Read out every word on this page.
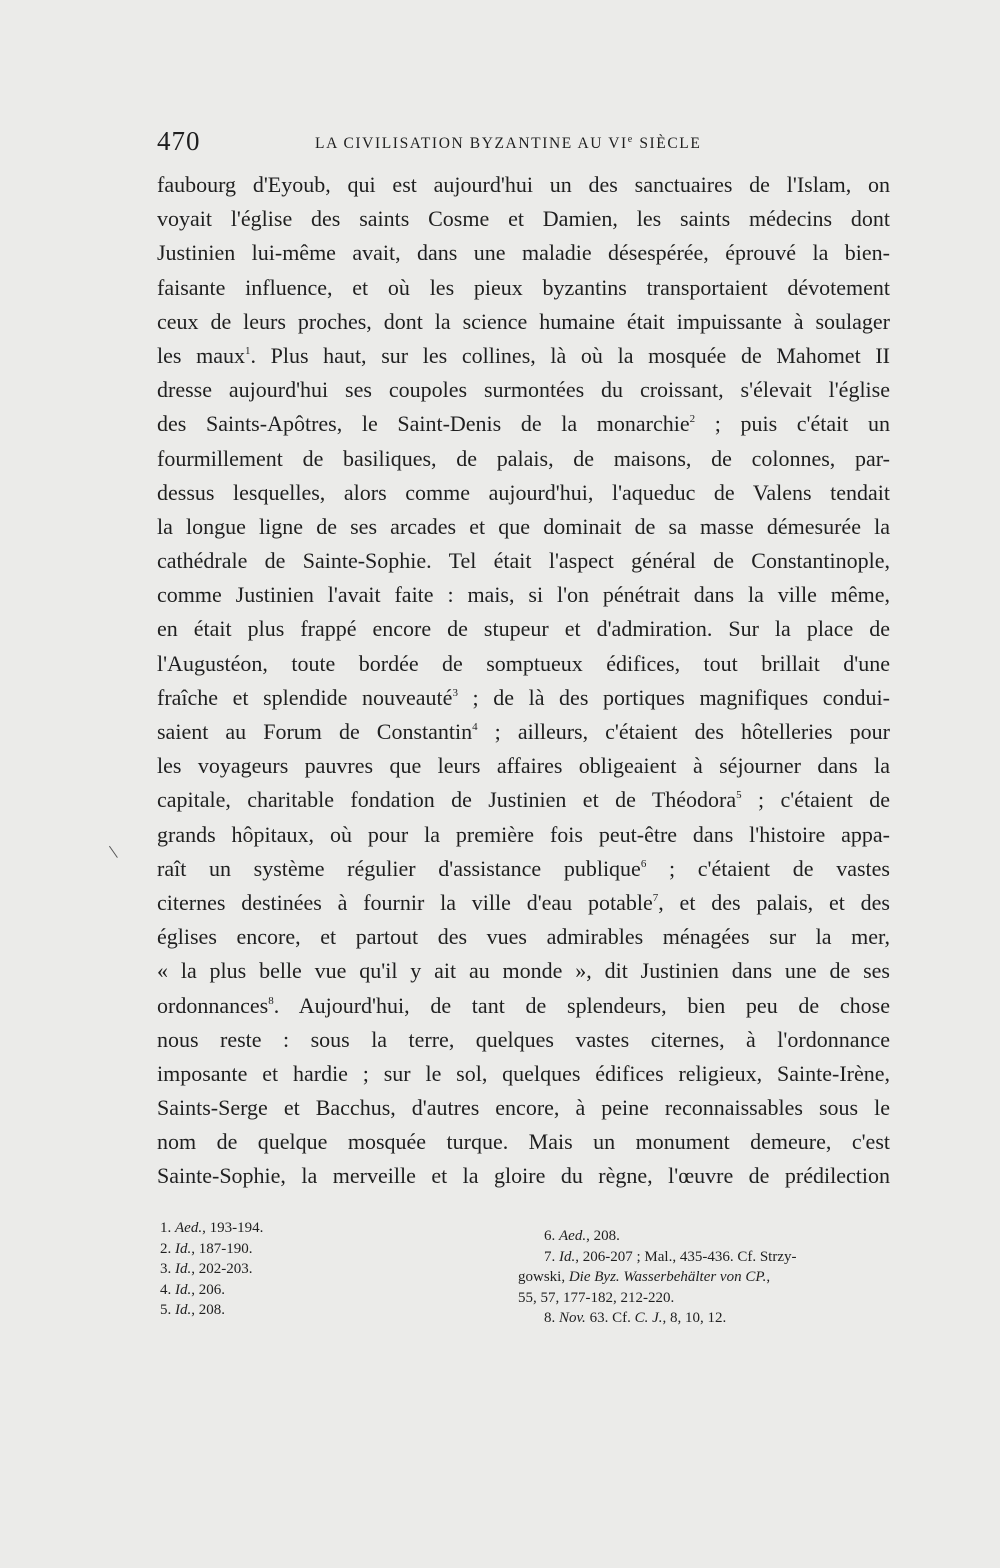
470	LA CIVILISATION BYZANTINE AU VIe SIÈCLE
faubourg d'Eyoub, qui est aujourd'hui un des sanctuaires de l'Islam, on
voyait l'église des saints Cosme et Damien, les saints médecins dont
Justinien lui-même avait, dans une maladie désespérée, éprouvé la bien-
faisante influence, et où les pieux byzantins transportaient dévotement
ceux de leurs proches, dont la science humaine était impuissante à soulager
les maux$^1$. Plus haut, sur les collines, là où la mosquée de Mahomet II
dresse aujourd'hui ses coupoles surmontées du croissant, s'élevait l'église
des Saints-Apôtres, le Saint-Denis de la monarchie$^2$ ; puis c'était un
fourmillement de basiliques, de palais, de maisons, de colonnes, par-
dessus lesquelles, alors comme aujourd'hui, l'aqueduc de Valens tendait
la longue ligne de ses arcades et que dominait de sa masse démesurée la
cathédrale de Sainte-Sophie. Tel était l'aspect général de Constantinople,
comme Justinien l'avait faite : mais, si l'on pénétrait dans la ville même,
en était plus frappé encore de stupeur et d'admiration. Sur la place de
l'Augustéon, toute bordée de somptueux édifices, tout brillait d'une
fraîche et splendide nouveauté$^3$ ; de là des portiques magnifiques condui-
saient au Forum de Constantin$^4$ ; ailleurs, c'étaient des hôtelleries pour
les voyageurs pauvres que leurs affaires obligeaient à séjourner dans la
capitale, charitable fondation de Justinien et de Théodora$^5$ ; c'étaient de
grands hôpitaux, où pour la première fois peut-être dans l'histoire appa-
raît un système régulier d'assistance publique$^6$ ; c'étaient de vastes
citernes destinées à fournir la ville d'eau potable$^7$, et des palais, et des
églises encore, et partout des vues admirables ménagées sur la mer,
« la plus belle vue qu'il y ait au monde », dit Justinien dans une de ses
ordonnances$^8$. Aujourd'hui, de tant de splendeurs, bien peu de chose
nous reste : sous la terre, quelques vastes citernes, à l'ordonnance
imposante et hardie ; sur le sol, quelques édifices religieux, Sainte-Irène,
Saints-Serge et Bacchus, d'autres encore, à peine reconnaissables sous le
nom de quelque mosquée turque. Mais un monument demeure, c'est
Sainte-Sophie, la merveille et la gloire du règne, l'œuvre de prédilection
1. Aed., 193-194.
2. Id., 187-190.
3. Id., 202-203.
4. Id., 206.
5. Id., 208.
6. Aed., 208.
7. Id., 206-207 ; Mal., 435-436. Cf. Strzy-
gowski, Die Byz. Wasserbehälter von CP.,
55, 57, 177-182, 212-220.
8. Nov. 63. Cf. C. J., 8, 10, 12.
